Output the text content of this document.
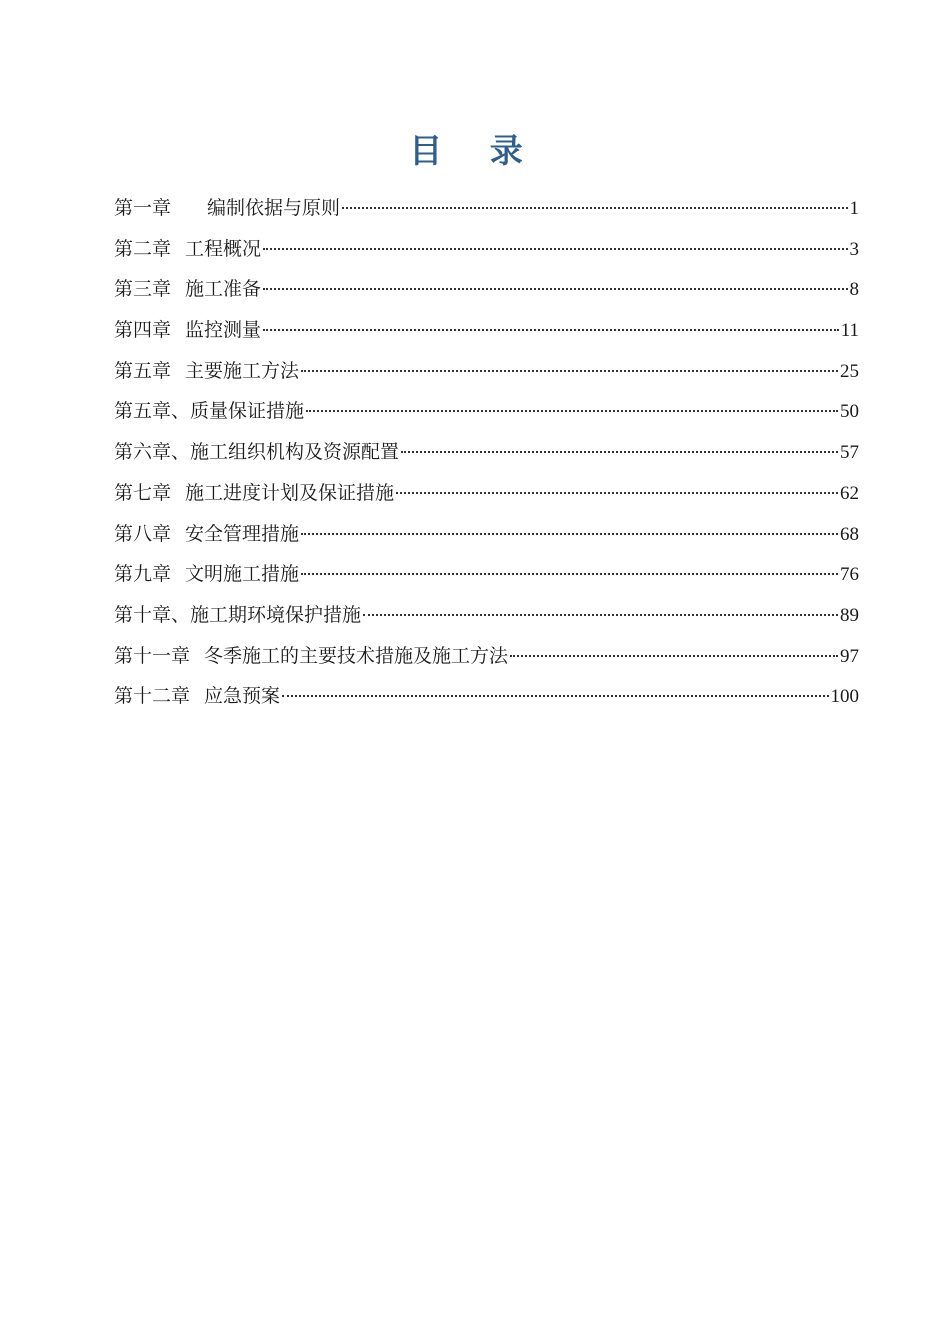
目 录
第一章　　 编制依据与原则	1
第二章 工程概况	3
第三章 施工准备	8
第四章 监控测量	11
第五章 主要施工方法	25
第五章、质量保证措施	50
第六章、施工组织机构及资源配置	57
第七章 施工进度计划及保证措施	62
第八章 安全管理措施	68
第九章 文明施工措施	76
第十章、施工期环境保护措施	89
第十一章 冬季施工的主要技术措施及施工方法	97
第十二章 应急预案	100
